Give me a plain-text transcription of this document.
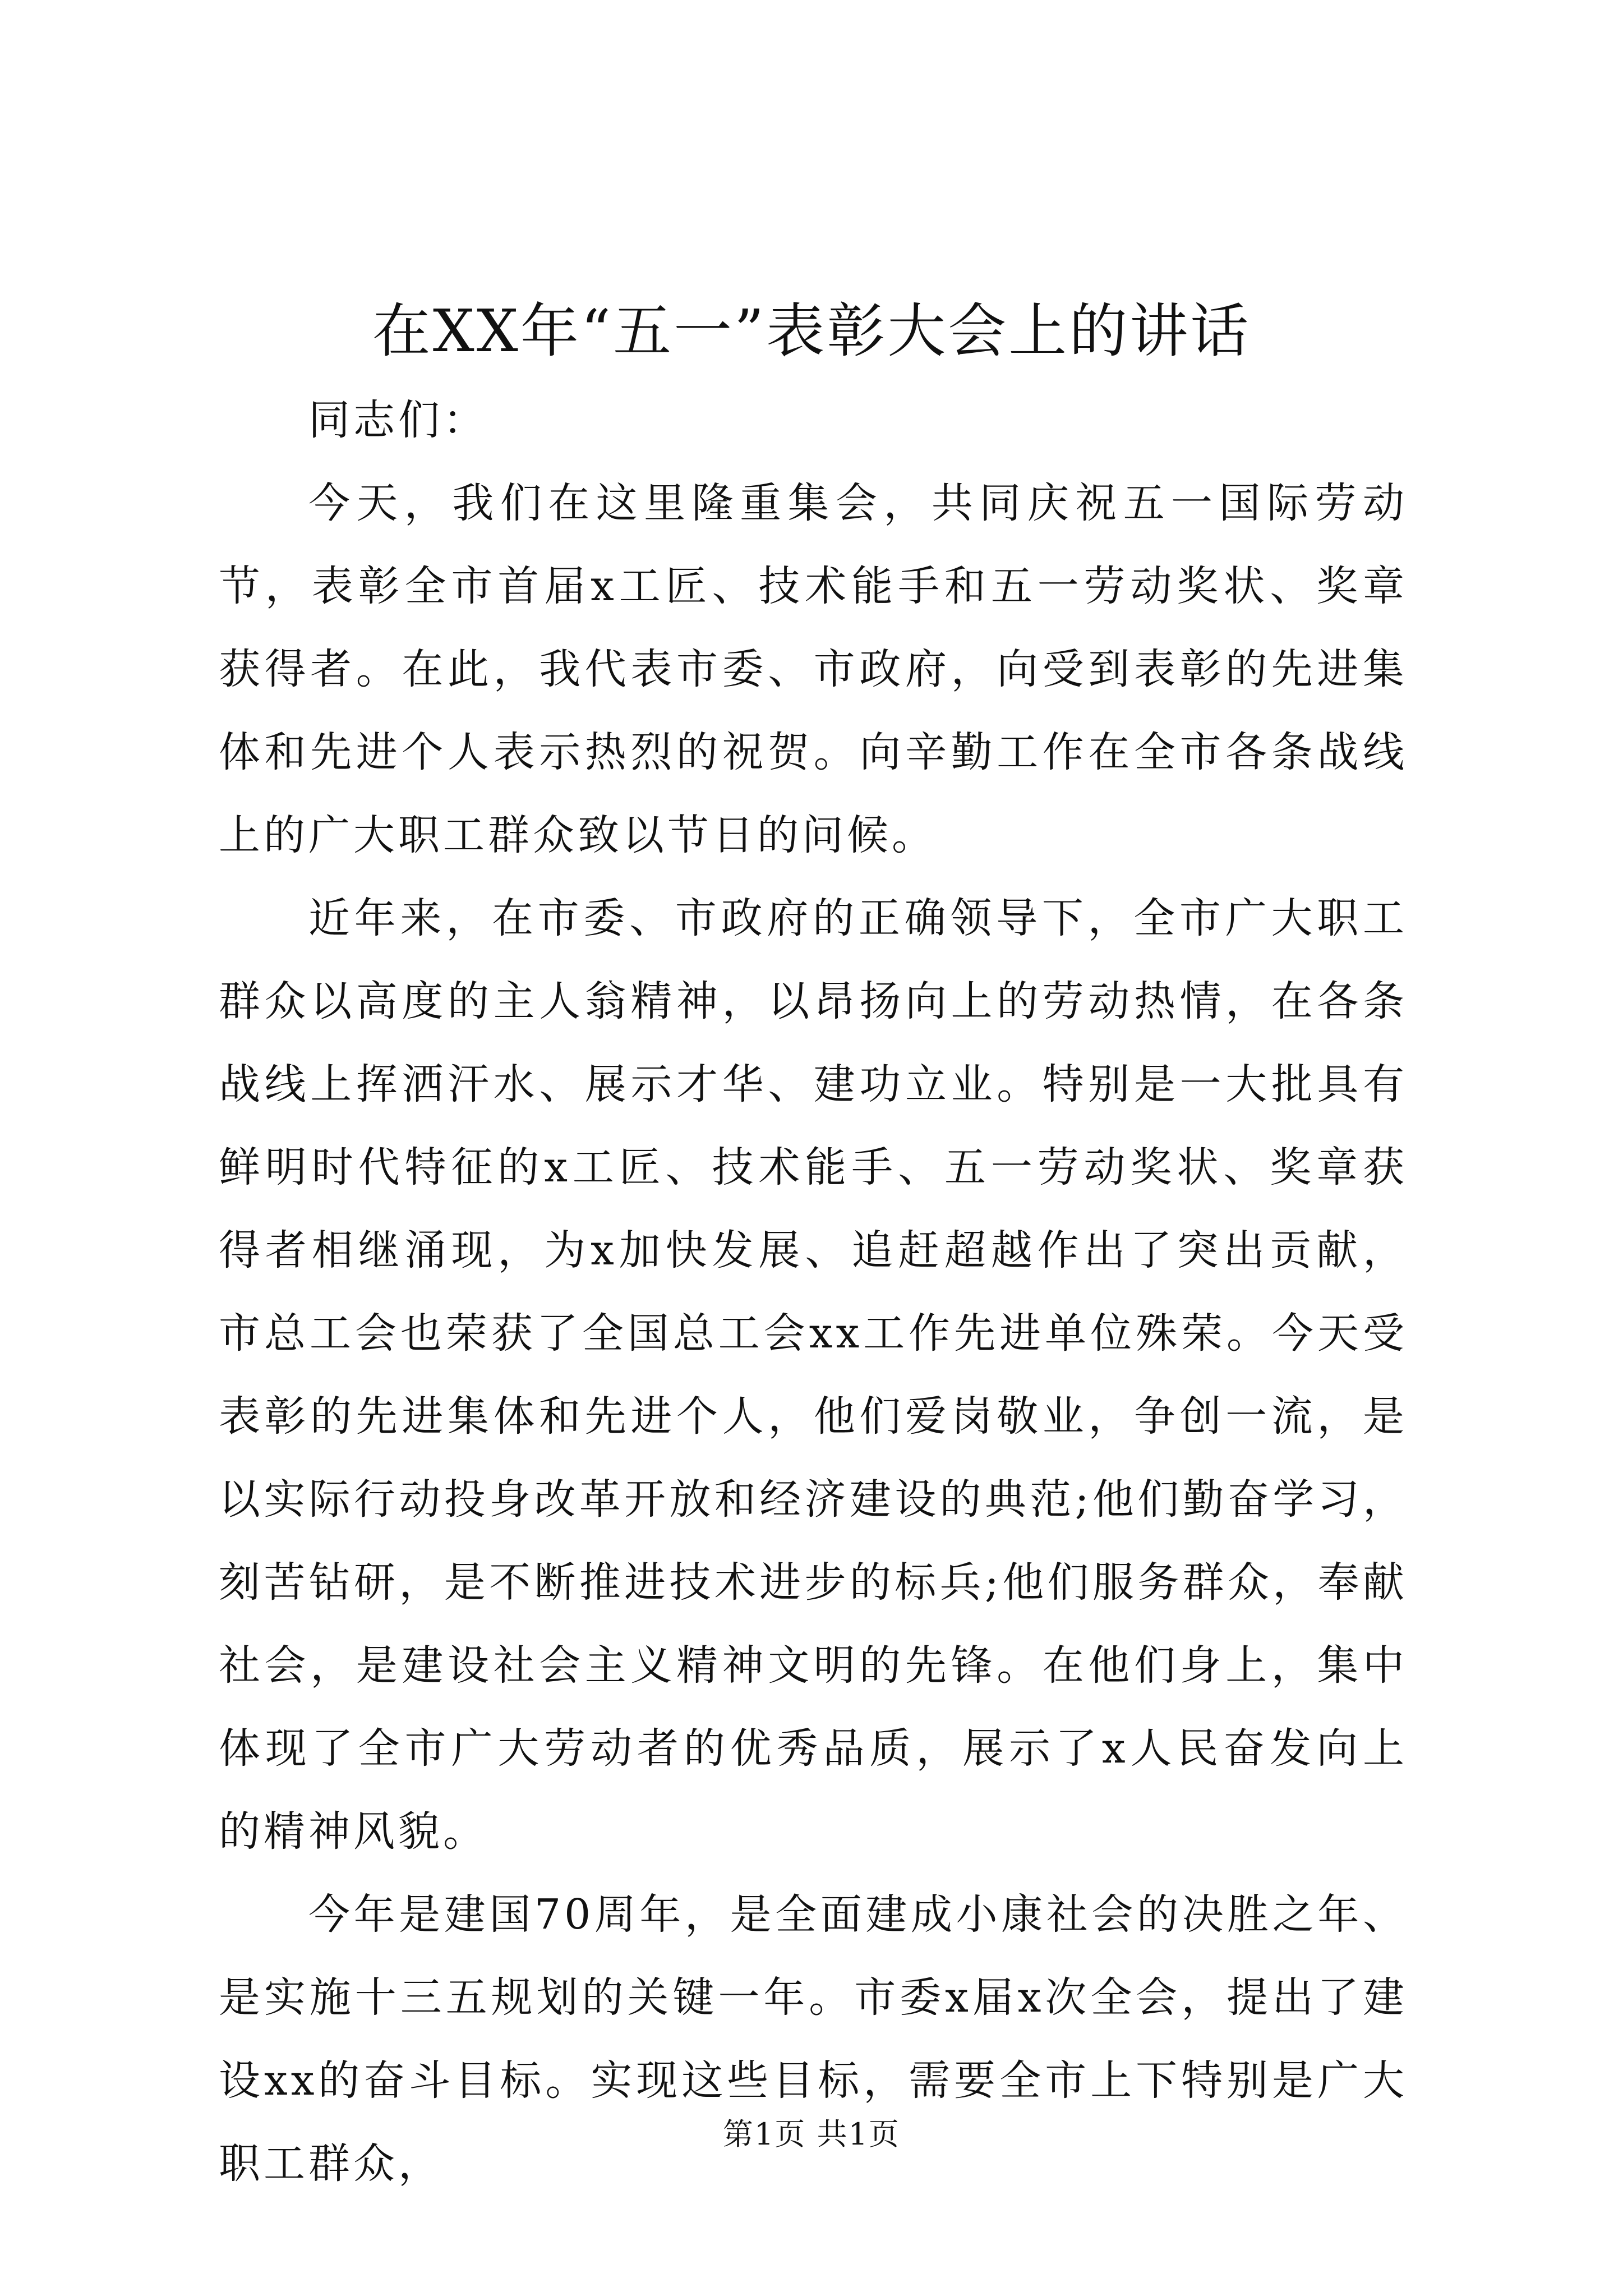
在XX年“五一”表彰大会上的讲话

同志们：

今天，我们在这里隆重集会，共同庆祝五一国际劳动节，表彰全市首届x工匠、技术能手和五一劳动奖状、奖章获得者。在此，我代表市委、市政府，向受到表彰的先进集体和先进个人表示热烈的祝贺。向辛勤工作在全市各条战线上的广大职工群众致以节日的问候。

近年来，在市委、市政府的正确领导下，全市广大职工群众以高度的主人翁精神，以昂扬向上的劳动热情，在各条战线上挥洒汗水、展示才华、建功立业。特别是一大批具有鲜明时代特征的x工匠、技术能手、五一劳动奖状、奖章获得者相继涌现，为x加快发展、追赶超越作出了突出贡献，市总工会也荣获了全国总工会xx工作先进单位殊荣。今天受表彰的先进集体和先进个人，他们爱岗敬业，争创一流，是以实际行动投身改革开放和经济建设的典范;他们勤奋学习，刻苦钻研，是不断推进技术进步的标兵;他们服务群众，奉献社会，是建设社会主义精神文明的先锋。在他们身上，集中体现了全市广大劳动者的优秀品质，展示了x人民奋发向上的精神风貌。

今年是建国70周年，是全面建成小康社会的决胜之年、是实施十三五规划的关键一年。市委x届x次全会，提出了建设xx的奋斗目标。实现这些目标，需要全市上下特别是广大职工群众，

第1页 共1页
